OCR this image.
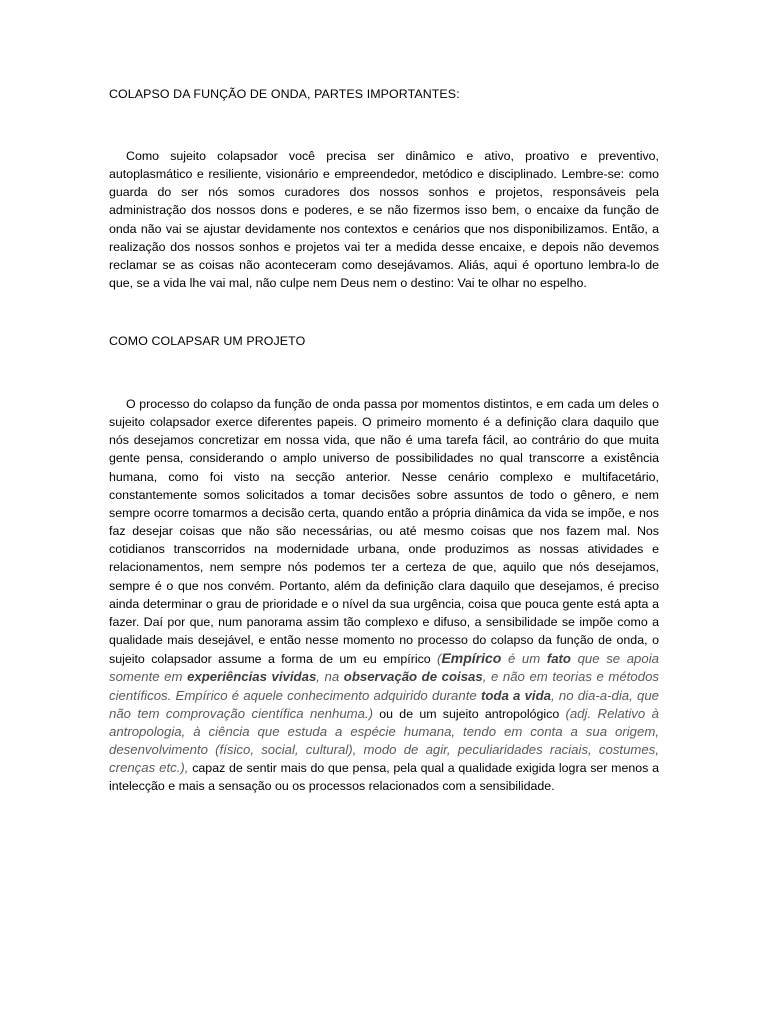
COLAPSO DA FUNÇÃO DE ONDA, PARTES IMPORTANTES:

Como sujeito colapsador você precisa ser dinâmico e ativo, proativo e preventivo, autoplasmático e resiliente, visionário e empreendedor, metódico e disciplinado. Lembre-se: como guarda do ser nós somos curadores dos nossos sonhos e projetos, responsáveis pela administração dos nossos dons e poderes, e se não fizermos isso bem, o encaixe da função de onda não vai se ajustar devidamente nos contextos e cenários que nos disponibilizamos. Então, a realização dos nossos sonhos e projetos vai ter a medida desse encaixe, e depois não devemos reclamar se as coisas não aconteceram como desejávamos. Aliás, aqui é oportuno lembra-lo de que, se a vida lhe vai mal, não culpe nem Deus nem o destino: Vai te olhar no espelho.

COMO COLAPSAR UM PROJETO

O processo do colapso da função de onda passa por momentos distintos, e em cada um deles o sujeito colapsador exerce diferentes papeis. O primeiro momento é a definição clara daquilo que nós desejamos concretizar em nossa vida, que não é uma tarefa fácil, ao contrário do que muita gente pensa, considerando o amplo universo de possibilidades no qual transcorre a existência humana, como foi visto na secção anterior. Nesse cenário complexo e multifacetário, constantemente somos solicitados a tomar decisões sobre assuntos de todo o gênero, e nem sempre ocorre tomarmos a decisão certa, quando então a própria dinâmica da vida se impõe, e nos faz desejar coisas que não são necessárias, ou até mesmo coisas que nos fazem mal. Nos cotidianos transcorridos na modernidade urbana, onde produzimos as nossas atividades e relacionamentos, nem sempre nós podemos ter a certeza de que, aquilo que nós desejamos, sempre é o que nos convém. Portanto, além da definição clara daquilo que desejamos, é preciso ainda determinar o grau de prioridade e o nível da sua urgência, coisa que pouca gente está apta a fazer. Daí por que, num panorama assim tão complexo e difuso, a sensibilidade se impõe como a qualidade mais desejável, e então nesse momento no processo do colapso da função de onda, o sujeito colapsador assume a forma de um eu empírico (Empírico é um fato que se apoia somente em experiências vividas, na observação de coisas, e não em teorias e métodos científicos. Empírico é aquele conhecimento adquirido durante toda a vida, no dia-a-dia, que não tem comprovação científica nenhuma.) ou de um sujeito antropológico (adj. Relativo à antropologia, à ciência que estuda a espécie humana, tendo em conta a sua origem, desenvolvimento (físico, social, cultural), modo de agir, peculiaridades raciais, costumes, crenças etc.), capaz de sentir mais do que pensa, pela qual a qualidade exigida logra ser menos a intelecção e mais a sensação ou os processos relacionados com a sensibilidade.
